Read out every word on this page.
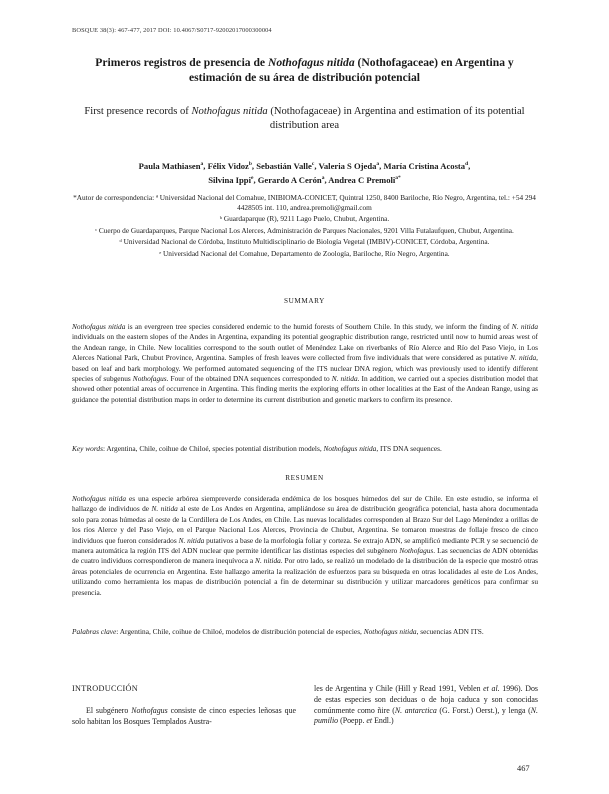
BOSQUE 38(3): 467-477, 2017 DOI: 10.4067/S0717-92002017000300004
Primeros registros de presencia de Nothofagus nitida (Nothofagaceae) en Argentina y estimación de su área de distribución potencial
First presence records of Nothofagus nitida (Nothofagaceae) in Argentina and estimation of its potential distribution area
Paula Mathiasen$^a$, Félix Vidoz$^b$, Sebastián Valle$^c$, Valeria S Ojeda$^a$, María Cristina Acosta$^d$,
Silvina Ippi$^e$, Gerardo A Cerón$^a$, Andrea C Premoli$^{a*}$
*Autor de correspondencia: ª Universidad Nacional del Comahue, INIBIOMA-CONICET, Quintral 1250, 8400 Bariloche, Río Negro, Argentina, tel.: +54 294 4428505 int. 110, andrea.premoli@gmail.com
ᵇ Guardaparque (R), 9211 Lago Puelo, Chubut, Argentina.
ᶜ Cuerpo de Guardaparques, Parque Nacional Los Alerces, Administración de Parques Nacionales, 9201 Villa Futalaufquen, Chubut, Argentina.
ᵈ Universidad Nacional de Córdoba, Instituto Multidisciplinario de Biología Vegetal (IMBIV)-CONICET, Córdoba, Argentina.
ᵉ Universidad Nacional del Comahue, Departamento de Zoología, Bariloche, Río Negro, Argentina.
SUMMARY
Nothofagus nitida is an evergreen tree species considered endemic to the humid forests of Southern Chile. In this study, we inform the finding of N. nitida individuals on the eastern slopes of the Andes in Argentina, expanding its potential geographic distribution range, restricted until now to humid areas west of the Andean range, in Chile. New localities correspond to the south outlet of Menéndez Lake on riverbanks of Río Alerce and Río del Paso Viejo, in Los Alerces National Park, Chubut Province, Argentina. Samples of fresh leaves were collected from five individuals that were considered as putative N. nitida, based on leaf and bark morphology. We performed automated sequencing of the ITS nuclear DNA region, which was previously used to identify different species of subgenus Nothofagus. Four of the obtained DNA sequences corresponded to N. nitida. In addition, we carried out a species distribution model that showed other potential areas of occurrence in Argentina. This finding merits the exploring efforts in other localities at the East of the Andean Range, using as guidance the potential distribution maps in order to determine its current distribution and genetic markers to confirm its presence.
Key words: Argentina, Chile, coihue de Chiloé, species potential distribution models, Nothofagus nitida, ITS DNA sequences.
RESUMEN
Nothofagus nitida es una especie arbórea siempreverde considerada endémica de los bosques húmedos del sur de Chile. En este estudio, se informa el hallazgo de individuos de N. nitida al este de Los Andes en Argentina, ampliándose su área de distribución geográfica potencial, hasta ahora documentada solo para zonas húmedas al oeste de la Cordillera de Los Andes, en Chile. Las nuevas localidades corresponden al Brazo Sur del Lago Menéndez a orillas de los ríos Alerce y del Paso Viejo, en el Parque Nacional Los Alerces, Provincia de Chubut, Argentina. Se tomaron muestras de follaje fresco de cinco individuos que fueron considerados N. nitida putativos a base de la morfología foliar y corteza. Se extrajo ADN, se amplificó mediante PCR y se secuenció de manera automática la región ITS del ADN nuclear que permite identificar las distintas especies del subgénero Nothofagus. Las secuencias de ADN obtenidas de cuatro individuos correspondieron de manera inequívoca a N. nitida. Por otro lado, se realizó un modelado de la distribución de la especie que mostró otras áreas potenciales de ocurrencia en Argentina. Este hallazgo amerita la realización de esfuerzos para su búsqueda en otras localidades al este de Los Andes, utilizando como herramienta los mapas de distribución potencial a fin de determinar su distribución y utilizar marcadores genéticos para confirmar su presencia.
Palabras clave: Argentina, Chile, coihue de Chiloé, modelos de distribución potencial de especies, Nothofagus nitida, secuencias ADN ITS.
INTRODUCCIÓN
El subgénero Nothofagus consiste de cinco especies leñosas que solo habitan los Bosques Templados Austra-
les de Argentina y Chile (Hill y Read 1991, Veblen et al. 1996). Dos de estas especies son deciduas o de hoja caduca y son conocidas comúnmente como ñire (N. antarctica (G. Forst.) Oerst.), y lenga (N. pumilio (Poepp. et Endl.)
467
